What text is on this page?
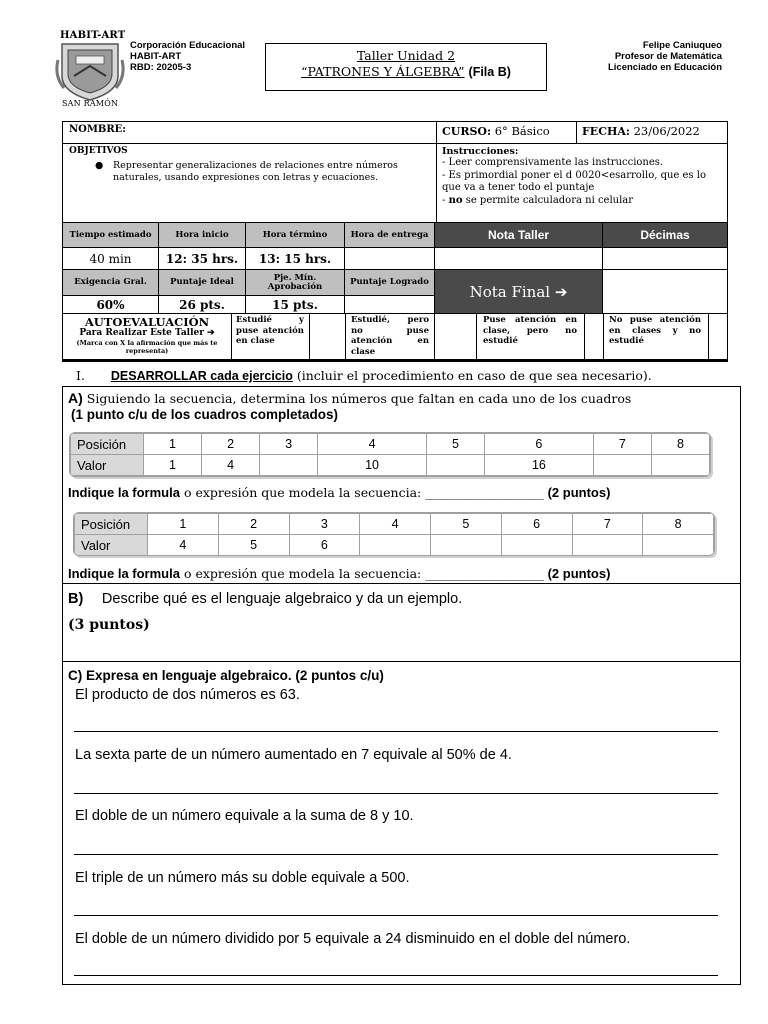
HABIT-ART
SAN RAMÓN
Corporación Educacional
HABIT-ART
RBD: 20205-3
Taller Unidad 2
“PATRONES Y ÁLGEBRA” (Fila B)
Felipe Caniuqueo
Profesor de Matemática
Licenciado en Educación
NOMBRE:	CURSO: 6° Básico	FECHA: 23/06/2022
OBJETIVOS
● Representar generalizaciones de relaciones entre números naturales, usando expresiones con letras y ecuaciones.
Instrucciones:
- Leer comprensivamente las instrucciones.
- Es primordial poner el d 0020<esarrollo, que es lo que va a tener todo el puntaje
- no se permite calculadora ni celular
Tiempo estimado	Hora inicio	Hora término	Hora de entrega	Nota Taller	Décimas
40 min	12: 35 hrs.	13: 15 hrs.
Exigencia Gral.	Puntaje Ideal	Pje. Mín. Aprobación	Puntaje Logrado
Nota Final ➔
60%	26 pts.	15 pts.
AUTOEVALUACIÓN
Para Realizar Este Taller ➔
(Marca con X la afirmación que más te representa)
Estudié y puse atención en clase
Estudié, pero no puse atención en clase
Puse atención en clase, pero no estudié
No puse atención en clases y no estudié
I. DESARROLLAR cada ejercicio (incluir el procedimiento en caso de que sea necesario).
A) Siguiendo la secuencia, determina los números que faltan en cada uno de los cuadros
(1 punto c/u de los cuadros completados)
Posición	1	2	3	4	5	6	7	8
Valor	1	4		10		16		
Indique la formula o expresión que modela la secuencia: ___________________ (2 puntos)
Posición	1	2	3	4	5	6	7	8
Valor	4	5	6					
Indique la formula o expresión que modela la secuencia: ___________________ (2 puntos)
B) Describe qué es el lenguaje algebraico y da un ejemplo.
(3 puntos)
C) Expresa en lenguaje algebraico. (2 puntos c/u)
El producto de dos números es 63.
La sexta parte de un número aumentado en 7 equivale al 50% de 4.
El doble de un número equivale a la suma de 8 y 10.
El triple de un número más su doble equivale a 500.
El doble de un número dividido por 5 equivale a 24 disminuido en el doble del número.
